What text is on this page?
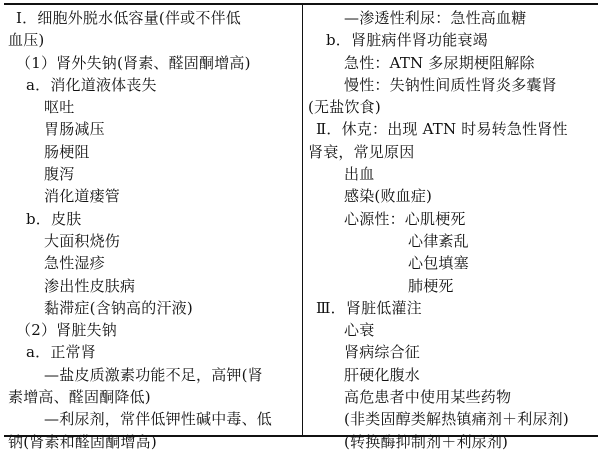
Ⅰ．细胞外脱水低容量(伴或不伴低
血压)
（1）肾外失钠(肾素、醛固酮增高)
a．消化道液体丧失
呕吐
胃肠减压
肠梗阻
腹泻
消化道瘘管
b．皮肤
大面积烧伤
急性湿疹
渗出性皮肤病
黏滞症(含钠高的汗液)
（2）肾脏失钠
a．正常肾
—盐皮质激素功能不足，高钾(肾
素增高、醛固酮降低)
—利尿剂，常伴低钾性碱中毒、低
钠(肾素和醛固酮增高)
—渗透性利尿：急性高血糖
b．肾脏病伴肾功能衰竭
急性：ATN 多尿期梗阻解除
慢性：失钠性间质性肾炎多囊肾
(无盐饮食)
Ⅱ．休克：出现 ATN 时易转急性肾性
肾衰，常见原因
出血
感染(败血症)
心源性：心肌梗死
心律紊乱
心包填塞
肺梗死
Ⅲ．肾脏低灌注
心衰
肾病综合征
肝硬化腹水
高危患者中使用某些药物
(非类固醇类解热镇痛剂＋利尿剂)
(转换酶抑制剂＋利尿剂)
